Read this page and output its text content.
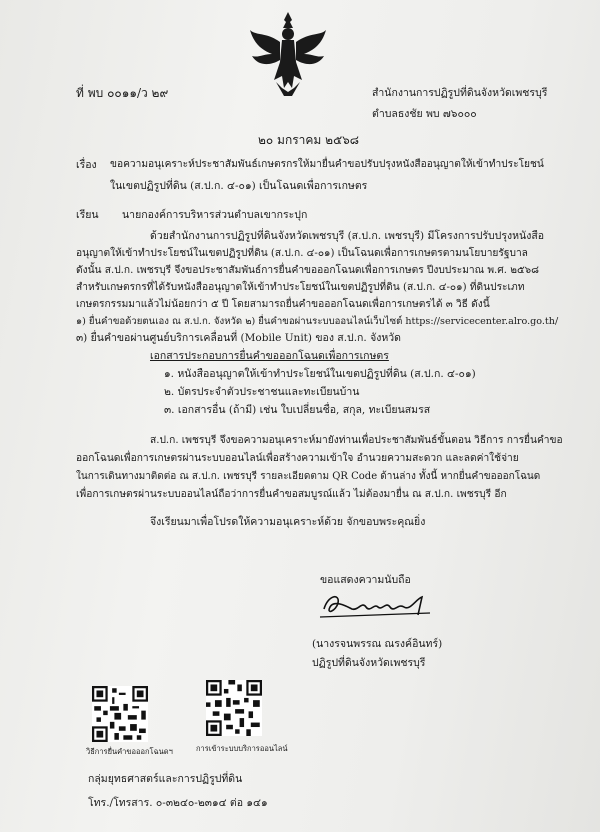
ที่ พบ ๐๐๑๑/ว ๒๙	สำนักงานการปฏิรูปที่ดินจังหวัดเพชรบุรี
ตำบลธงชัย พบ ๗๖๐๐๐
๒๐ มกราคม ๒๕๖๘
เรื่อง ขอความอนุเคราะห์ประชาสัมพันธ์เกษตรกรให้มายื่นคำขอปรับปรุงหนังสืออนุญาตให้เข้าทำประโยชน์
ในเขตปฏิรูปที่ดิน (ส.ป.ก. ๔-๐๑) เป็นโฉนดเพื่อการเกษตร
เรียน นายกองค์การบริหารส่วนตำบลเขากระปุก
ด้วยสำนักงานการปฏิรูปที่ดินจังหวัดเพชรบุรี (ส.ป.ก. เพชรบุรี) มีโครงการปรับปรุงหนังสือ
อนุญาตให้เข้าทำประโยชน์ในเขตปฏิรูปที่ดิน (ส.ป.ก. ๔-๐๑) เป็นโฉนดเพื่อการเกษตรตามนโยบายรัฐบาล
ดังนั้น ส.ป.ก. เพชรบุรี จึงขอประชาสัมพันธ์การยื่นคำขอออกโฉนดเพื่อการเกษตร ปีงบประมาณ พ.ศ. ๒๕๖๘
สำหรับเกษตรกรที่ได้รับหนังสืออนุญาตให้เข้าทำประโยชน์ในเขตปฏิรูปที่ดิน (ส.ป.ก. ๔-๐๑) ที่ดินประเภท
เกษตรกรรมมาแล้วไม่น้อยกว่า ๕ ปี โดยสามารถยื่นคำขอออกโฉนดเพื่อการเกษตรได้ ๓ วิธี ดังนี้
๑) ยื่นคำขอด้วยตนเอง ณ ส.ป.ก. จังหวัด ๒) ยื่นคำขอผ่านระบบออนไลน์เว็บไซต์ https://servicecenter.alro.go.th/
๓) ยื่นคำขอผ่านศูนย์บริการเคลื่อนที่ (Mobile Unit) ของ ส.ป.ก. จังหวัด
เอกสารประกอบการยื่นคำขอออกโฉนดเพื่อการเกษตร
๑. หนังสืออนุญาตให้เข้าทำประโยชน์ในเขตปฏิรูปที่ดิน (ส.ป.ก. ๔-๐๑)
๒. บัตรประจำตัวประชาชนและทะเบียนบ้าน
๓. เอกสารอื่น (ถ้ามี) เช่น ใบเปลี่ยนชื่อ, สกุล, ทะเบียนสมรส
ส.ป.ก. เพชรบุรี จึงขอความอนุเคราะห์มายังท่านเพื่อประชาสัมพันธ์ขั้นตอน วิธีการ การยื่นคำขอ
ออกโฉนดเพื่อการเกษตรผ่านระบบออนไลน์เพื่อสร้างความเข้าใจ อำนวยความสะดวก และลดค่าใช้จ่าย
ในการเดินทางมาติดต่อ ณ ส.ป.ก. เพชรบุรี รายละเอียดตาม QR Code ด้านล่าง ทั้งนี้ หากยื่นคำขอออกโฉนด
เพื่อการเกษตรผ่านระบบออนไลน์ถือว่าการยื่นคำขอสมบูรณ์แล้ว ไม่ต้องมายื่น ณ ส.ป.ก. เพชรบุรี อีก
จึงเรียนมาเพื่อโปรดให้ความอนุเคราะห์ด้วย จักขอบพระคุณยิ่ง
ขอแสดงความนับถือ
(นางรจนพรรณ ณรงค์อินทร์)
ปฏิรูปที่ดินจังหวัดเพชรบุรี
วิธีการยื่นคำขอออกโฉนดฯ	การเข้าระบบบริการออนไลน์
กลุ่มยุทธศาสตร์และการปฏิรูปที่ดิน
โทร./โทรสาร. ๐-๓๒๔๐-๒๓๑๔ ต่อ ๑๔๑
